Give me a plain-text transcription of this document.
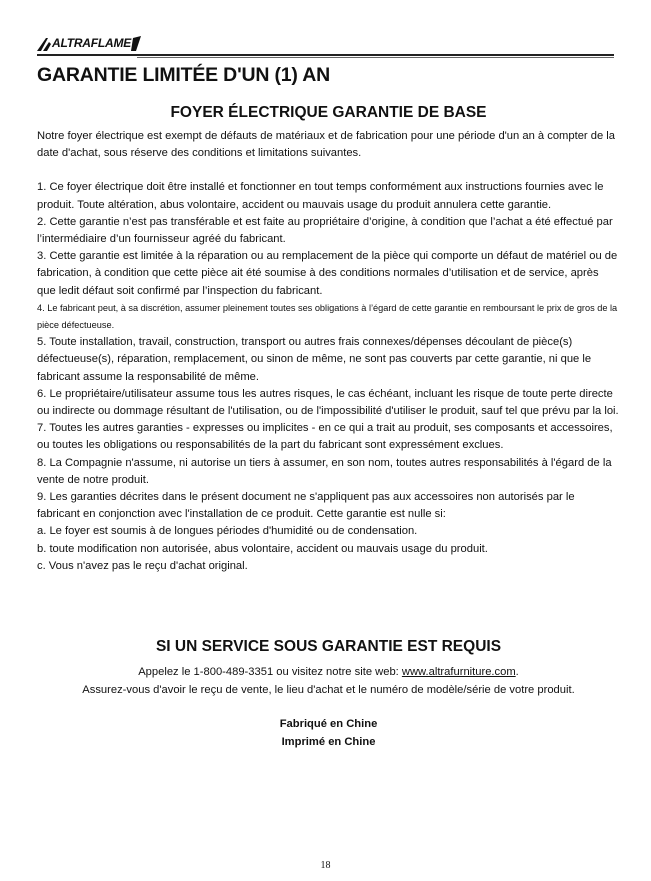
ALTRAFLAME
GARANTIE LIMITÉE D'UN (1) AN
FOYER ÉLECTRIQUE GARANTIE DE BASE

Notre foyer électrique est exempt de défauts de matériaux et de fabrication pour une période d'un an à compter de la date d'achat, sous réserve des conditions et limitations suivantes.

1. Ce foyer électrique doit être installé et fonctionner en tout temps conformément aux instructions fournies avec le produit. Toute altération, abus volontaire, accident ou mauvais usage du produit annulera cette garantie.

2. Cette garantie n’est pas transférable et est faite au propriétaire d’origine, à condition que l’achat a été effectué par l’intermédiaire d’un fournisseur agréé du fabricant.

3. Cette garantie est limitée à la réparation ou au remplacement de la pièce qui comporte un défaut de matériel ou de fabrication, à condition que cette pièce ait été soumise à des conditions normales d’utilisation et de service, après que ledit défaut soit confirmé par l’inspection du fabricant.

4. Le fabricant peut, à sa discrétion, assumer pleinement toutes ses obligations à l’égard de cette garantie en remboursant le prix de gros de la pièce défectueuse.

5. Toute installation, travail, construction, transport ou autres frais connexes/dépenses découlant de pièce(s) défectueuse(s), réparation, remplacement, ou sinon de même, ne sont pas couverts par cette garantie, ni que le fabricant assume la responsabilité de même.

6. Le propriétaire/utilisateur assume tous les autres risques, le cas échéant, incluant les risque de toute perte directe ou indirecte ou dommage résultant de l'utilisation, ou de l'impossibilité d'utiliser le produit, sauf tel que prévu par la loi.

7. Toutes les autres garanties - expresses ou implicites - en ce qui a trait au produit, ses composants et accessoires, ou toutes les obligations ou responsabilités de la part du fabricant sont expressément exclues.

8. La Compagnie n'assume, ni autorise un tiers à assumer, en son nom, toutes autres responsabilités à l'égard de la vente de notre produit.

9. Les garanties décrites dans le présent document ne s'appliquent pas aux accessoires non autorisés par le fabricant en conjonction avec l'installation de ce produit. Cette garantie est nulle si:

a. Le foyer est soumis à de longues périodes d'humidité ou de condensation.

b. toute modification non autorisée, abus volontaire, accident ou mauvais usage du produit.

c. Vous n'avez pas le reçu d'achat original.

SI UN SERVICE SOUS GARANTIE EST REQUIS
Appelez le 1-800-489-3351 ou visitez notre site web: www.altrafurniture.com.
Assurez-vous d'avoir le reçu de vente, le lieu d'achat et le numéro de modèle/série de votre produit.
Fabriqué en Chine
Imprimé en Chine
18
